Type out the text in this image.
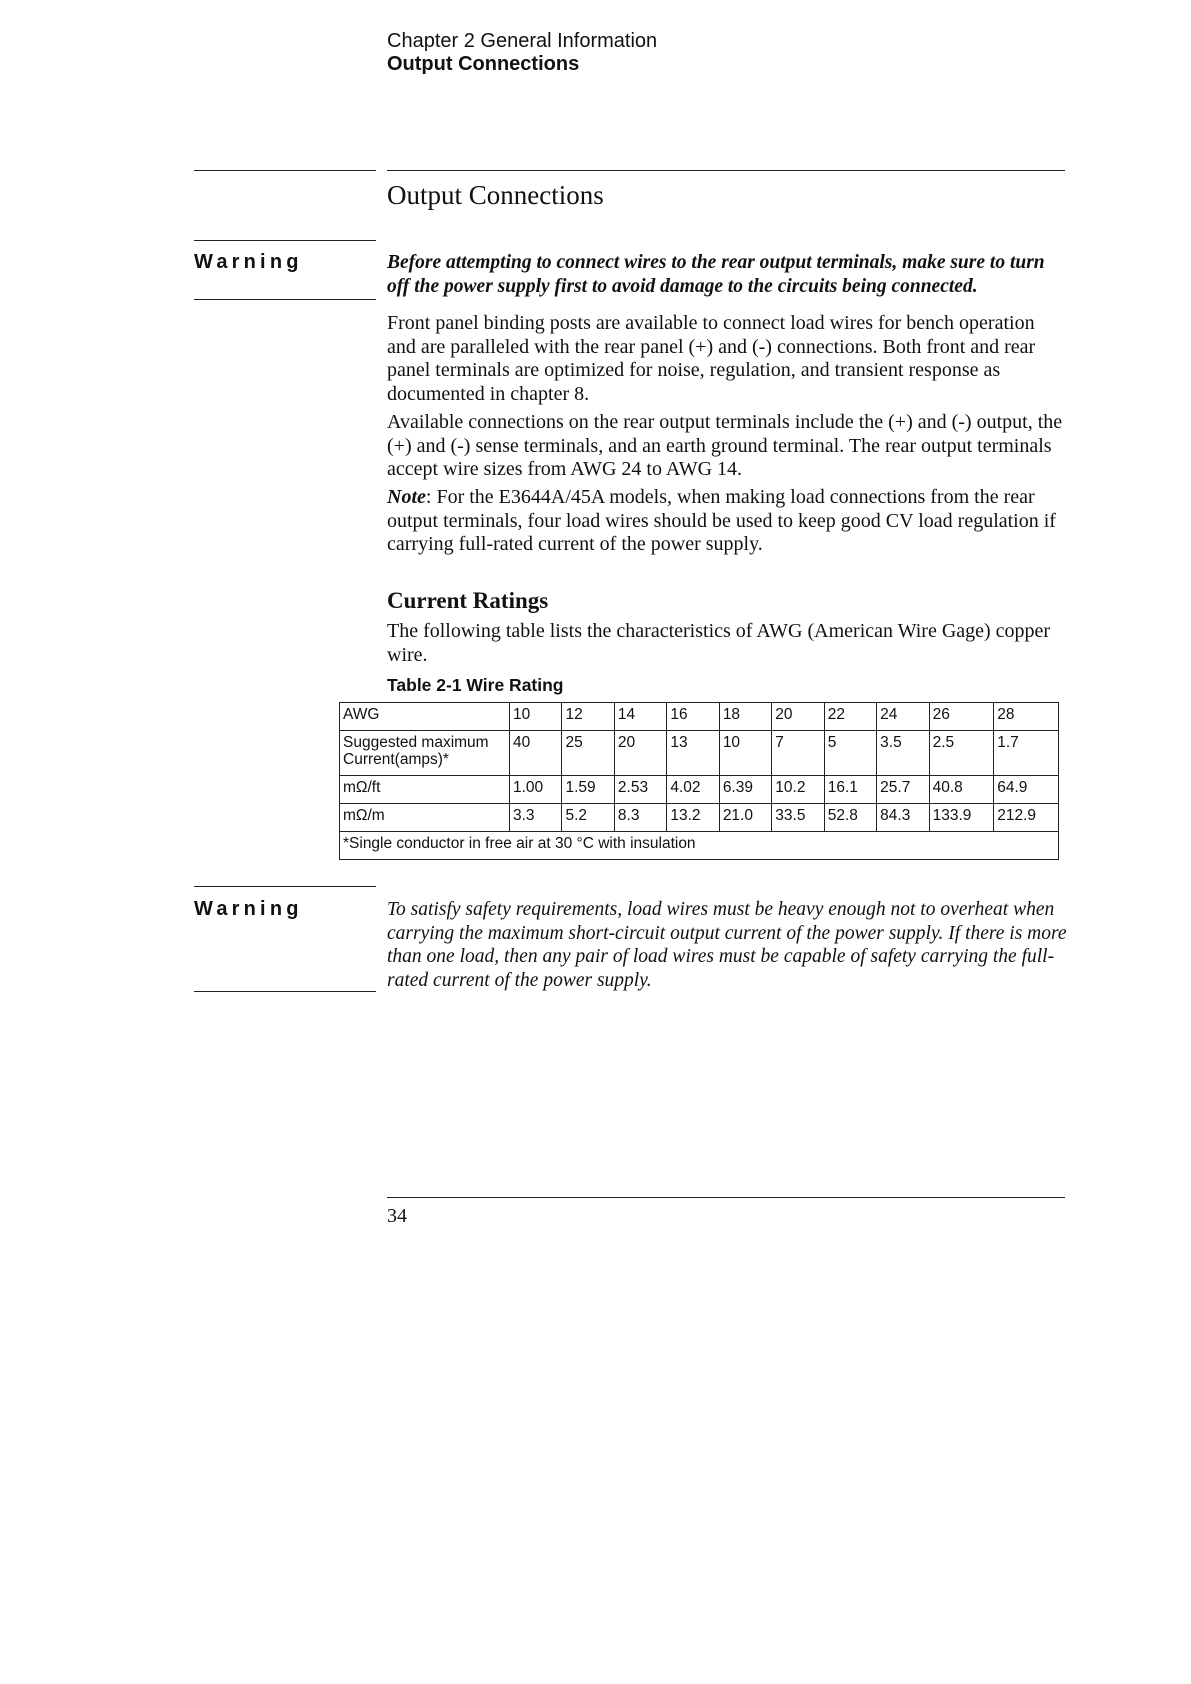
Chapter 2 General Information
Output Connections
Output Connections
Warning	Before attempting to connect wires to the rear output terminals, make sure to turn off the power supply first to avoid damage to the circuits being connected.
Front panel binding posts are available to connect load wires for bench operation and are paralleled with the rear panel (+) and (-) connections. Both front and rear panel terminals are optimized for noise, regulation, and transient response as documented in chapter 8.
Available connections on the rear output terminals include the (+) and (-) output, the (+) and (-) sense terminals, and an earth ground terminal. The rear output terminals accept wire sizes from AWG 24 to AWG 14.
Note: For the E3644A/45A models, when making load connections from the rear output terminals, four load wires should be used to keep good CV load regulation if carrying full-rated current of the power supply.
Current Ratings
The following table lists the characteristics of AWG (American Wire Gage) copper wire.
Table 2-1 Wire Rating
AWG	10	12	14	16	18	20	22	24	26	28
Suggested maximum Current(amps)*	40	25	20	13	10	7	5	3.5	2.5	1.7
mΩ/ft	1.00	1.59	2.53	4.02	6.39	10.2	16.1	25.7	40.8	64.9
mΩ/m	3.3	5.2	8.3	13.2	21.0	33.5	52.8	84.3	133.9	212.9
*Single conductor in free air at 30 °C with insulation										
Warning	To satisfy safety requirements, load wires must be heavy enough not to overheat when carrying the maximum short-circuit output current of the power supply. If there is more than one load, then any pair of load wires must be capable of safety carrying the full-rated current of the power supply.
34
